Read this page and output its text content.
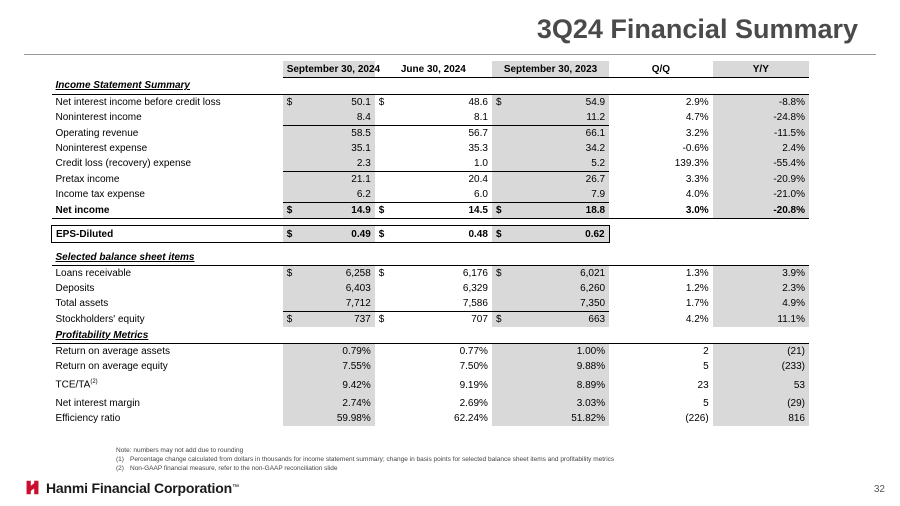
3Q24 Financial Summary
	September 30, 2024		June 30, 2024		September 30, 2023		Q/Q	Y/Y
Income Statement Summary								
Net interest income before credit loss	$	50.1	$	48.6	$	54.9	2.9%	-8.8%
Noninterest income		8.4		8.1		11.2	4.7%	-24.8%
Operating revenue		58.5		56.7		66.1	3.2%	-11.5%
Noninterest expense		35.1		35.3		34.2	-0.6%	2.4%
Credit loss (recovery) expense		2.3		1.0		5.2	139.3%	-55.4%
Pretax income		21.1		20.4		26.7	3.3%	-20.9%
Income tax expense		6.2		6.0		7.9	4.0%	-21.0%
Net income	$	14.9	$	14.5	$	18.8	3.0%	-20.8%

EPS-Diluted	$	0.49	$	0.48	$	0.62		

Selected balance sheet items								
Loans receivable	$	6,258	$	6,176	$	6,021	1.3%	3.9%
Deposits		6,403		6,329		6,260	1.2%	2.3%
Total assets		7,712		7,586		7,350	1.7%	4.9%
Stockholders' equity	$	737	$	707	$	663	4.2%	11.1%
Profitability Metrics								
Return on average assets	0.79%		0.77%		1.00%		2	(21)
Return on average equity	7.55%		7.50%		9.88%		5	(233)
TCE/TA$^{(2)}$	9.42%		9.19%		8.89%		23	53
Net interest margin	2.74%		2.69%		3.03%		5	(29)
Efficiency ratio	59.98%		62.24%		51.82%		(226)	816
Note: numbers may not add due to rounding
(1) Percentage change calculated from dollars in thousands for income statement summary; change in basis points for selected balance sheet items and profitability metrics
(2) Non-GAAP financial measure, refer to the non-GAAP reconciliation slide
Hanmi Financial Corporation ™	32
